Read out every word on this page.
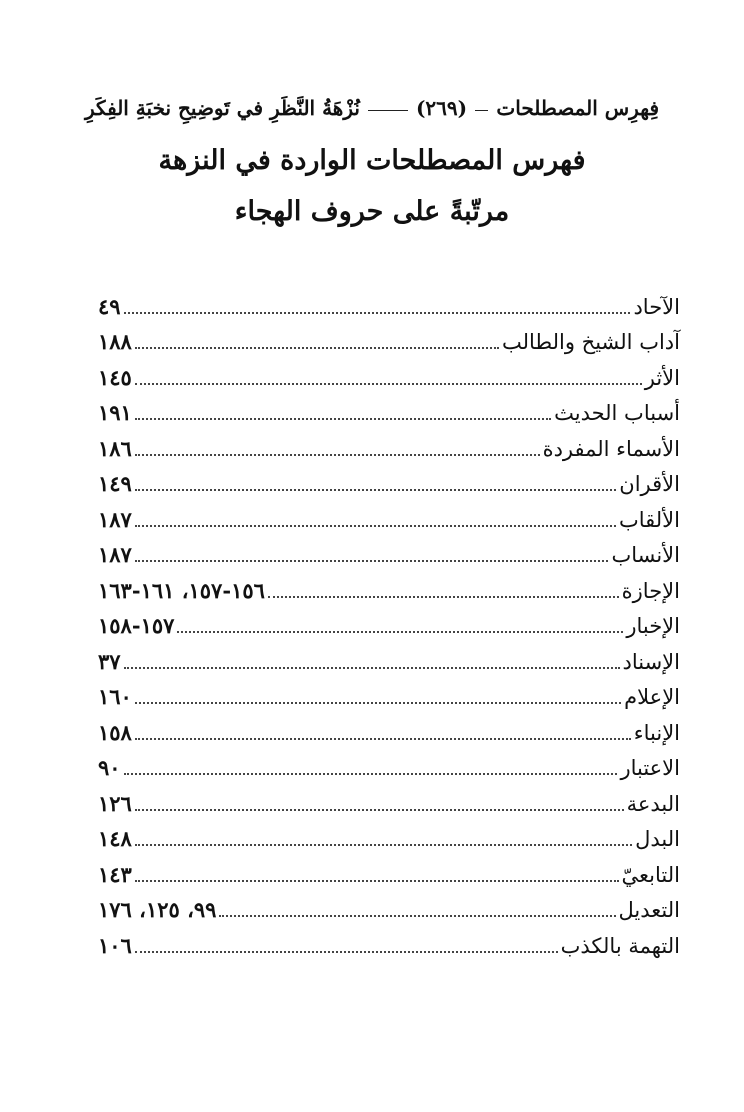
فِهرِس المصطلحات
(٢٦٩)
نُزْهَةُ النَّظَرِ في تَوضِيحِ نخبَةِ الفِكَرِ
فهرس المصطلحات الواردة في النزهة
مرتّبةً على حروف الهجاء
الآحاد
٤٩
آداب الشيخ والطالب
١٨٨
الأثر
١٤٥
أسباب الحديث
١٩١
الأسماء المفردة
١٨٦
الأقران
١٤٩
الألقاب
١٨٧
الأنساب
١٨٧
الإجازة
١٥٦-١٥٧، ١٦١-١٦٣
الإخبار
١٥٧-١٥٨
الإسناد
٣٧
الإعلام
١٦٠
الإنباء
١٥٨
الاعتبار
٩٠
البدعة
١٢٦
البدل
١٤٨
التابعيّ
١٤٣
التعديل
٩٩، ١٢٥، ١٧٦
التهمة بالكذب
١٠٦
